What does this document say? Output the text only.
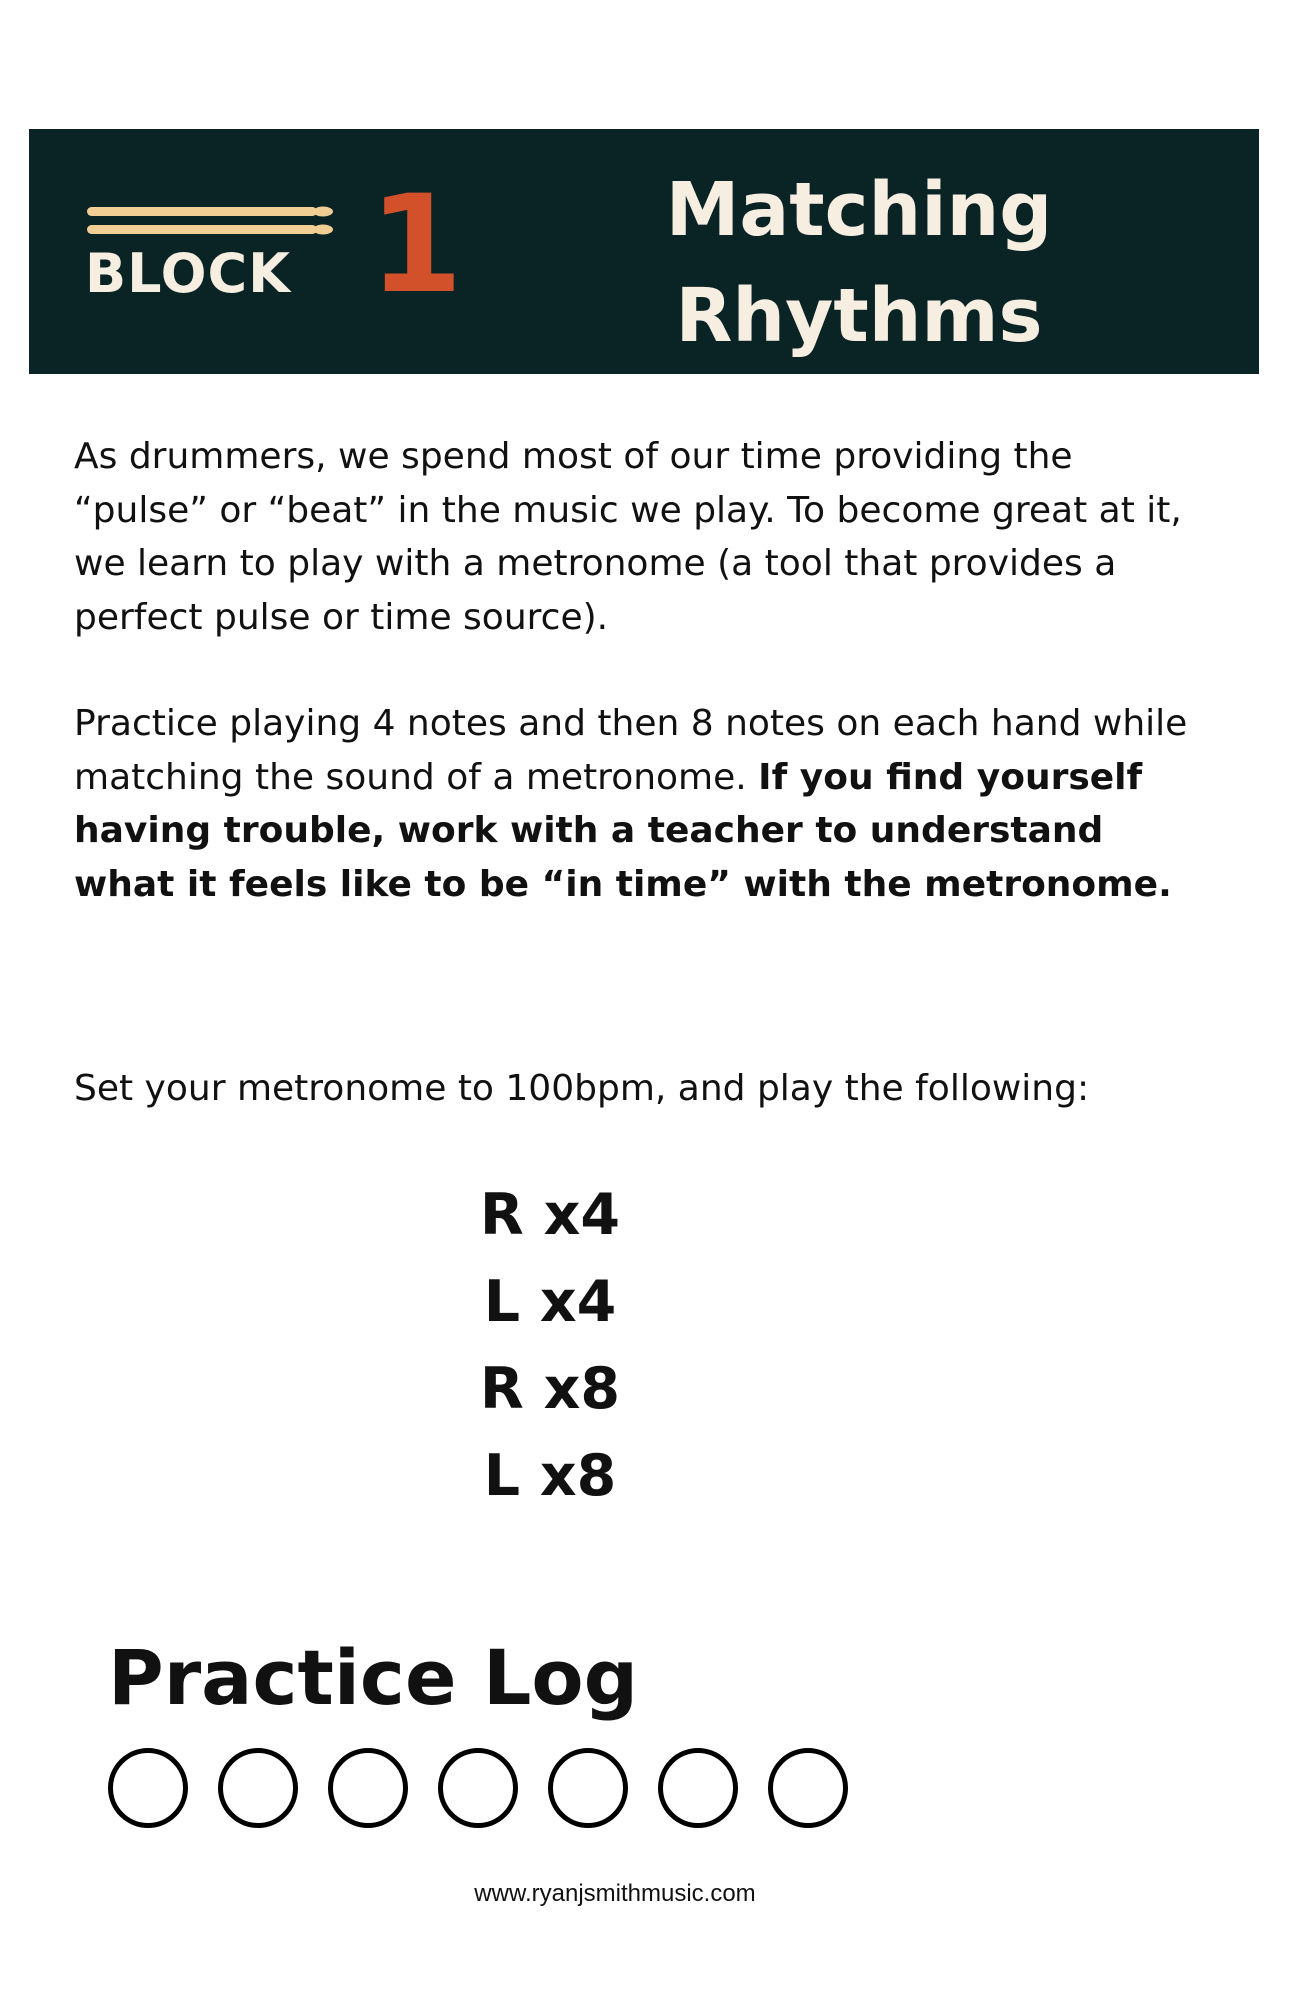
BLOCK 1	Matching
Rhythms
As drummers, we spend most of our time providing the “pulse” or “beat” in the music we play. To become great at it, we learn to play with a metronome (a tool that provides a perfect pulse or time source).
Practice playing 4 notes and then 8 notes on each hand while matching the sound of a metronome. If you find yourself having trouble, work with a teacher to understand what it feels like to be “in time” with the metronome.
Set your metronome to 100bpm, and play the following:
R x4
L x4
R x8
L x8
Practice Log
www.ryanjsmithmusic.com
